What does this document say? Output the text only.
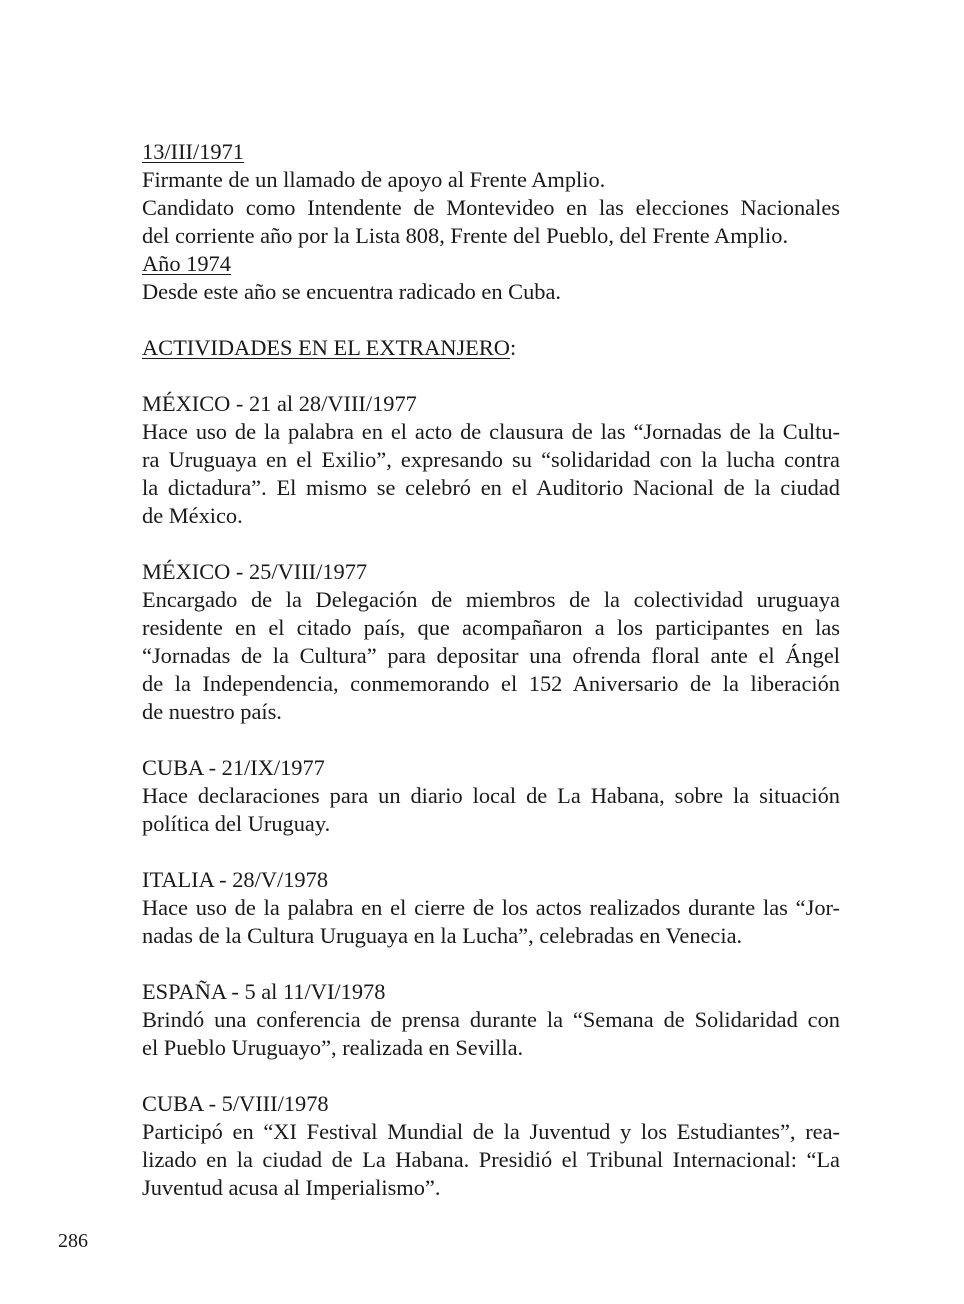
13/III/1971
Firmante de un llamado de apoyo al Frente Amplio.
Candidato como Intendente de Montevideo en las elecciones Nacionales
del corriente año por la Lista 808, Frente del Pueblo, del Frente Amplio.
Año 1974
Desde este año se encuentra radicado en Cuba.
ACTIVIDADES EN EL EXTRANJERO:
MÉXICO - 21 al 28/VIII/1977
Hace uso de la palabra en el acto de clausura de las “Jornadas de la Cultu-
ra Uruguaya en el Exilio”, expresando su “solidaridad con la lucha contra
la dictadura”. El mismo se celebró en el Auditorio Nacional de la ciudad
de México.
MÉXICO - 25/VIII/1977
Encargado de la Delegación de miembros de la colectividad uruguaya
residente en el citado país, que acompañaron a los participantes en las
“Jornadas de la Cultura” para depositar una ofrenda floral ante el Ángel
de la Independencia, conmemorando el 152 Aniversario de la liberación
de nuestro país.
CUBA - 21/IX/1977
Hace declaraciones para un diario local de La Habana, sobre la situación
política del Uruguay.
ITALIA - 28/V/1978
Hace uso de la palabra en el cierre de los actos realizados durante las “Jor-
nadas de la Cultura Uruguaya en la Lucha”, celebradas en Venecia.
ESPAÑA - 5 al 11/VI/1978
Brindó una conferencia de prensa durante la “Semana de Solidaridad con
el Pueblo Uruguayo”, realizada en Sevilla.
CUBA - 5/VIII/1978
Participó en “XI Festival Mundial de la Juventud y los Estudiantes”, rea-
lizado en la ciudad de La Habana. Presidió el Tribunal Internacional: “La
Juventud acusa al Imperialismo”.
286
